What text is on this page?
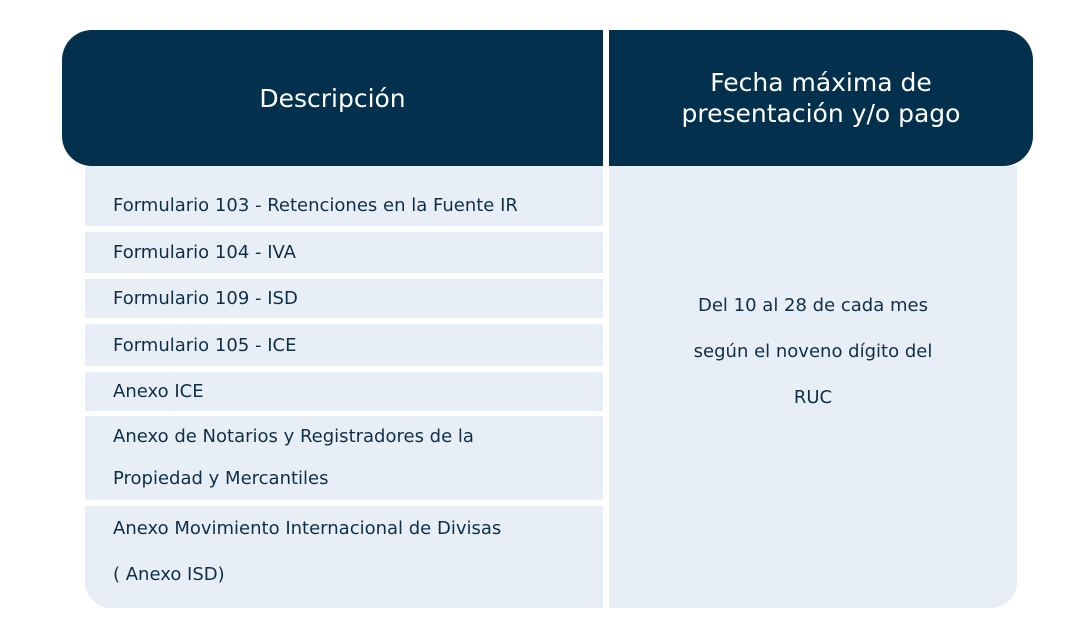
Descripción
Fecha máxima de
presentación y/o pago
Formulario 103 - Retenciones en la Fuente IR
Formulario 104 - IVA
Formulario 109 - ISD
Formulario 105 - ICE
Anexo ICE
Anexo de Notarios y Registradores de la
Propiedad y Mercantiles
Anexo Movimiento Internacional de Divisas
( Anexo ISD)
Del 10 al 28 de cada mes
según el noveno dígito del
RUC
